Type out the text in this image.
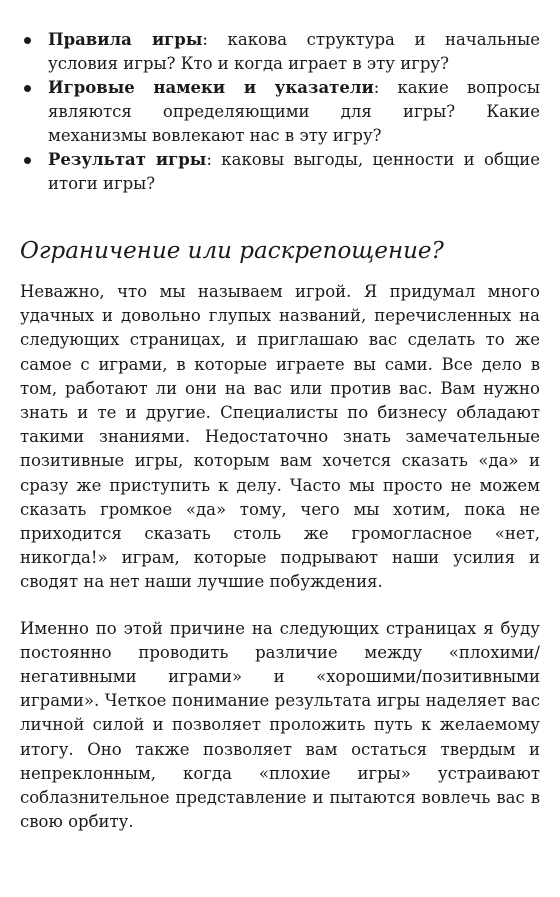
Правила игры: какова структура и начальные условия игры? Кто и когда играет в эту игру?
Игровые намеки и указатели: какие вопросы являются определяющими для игры? Какие механизмы вовлекают нас в эту игру?
Результат игры: каковы выгоды, ценности и общие итоги игры?
Ограничение или раскрепощение?

Неважно, что мы называем игрой. Я придумал много удачных и довольно глупых названий, перечисленных на следующих страницах, и приглашаю вас сделать то же самое с играми, в которые играете вы сами. Все дело в том, работают ли они на вас или против вас. Вам нужно знать и те и другие. Специалисты по бизнесу обладают такими знаниями. Недостаточно знать замечательные позитивные игры, которым вам хочется сказать «да» и сразу же приступить к делу. Часто мы просто не можем сказать громкое «да» тому, чего мы хотим, пока не приходится сказать столь же громогласное «нет, никогда!» играм, которые подрывают наши усилия и сводят на нет наши лучшие побуждения.

Именно по этой причине на следующих страницах я буду постоянно проводить различие между «плохими/негативными играми» и «хорошими/позитивными играми». Четкое понимание результата игры наделяет вас личной силой и позволяет проложить путь к желаемому итогу. Оно также позволяет вам остаться твердым и непреклонным, когда «плохие игры» устраивают соблазнительное представление и пытаются вовлечь вас в свою орбиту.
